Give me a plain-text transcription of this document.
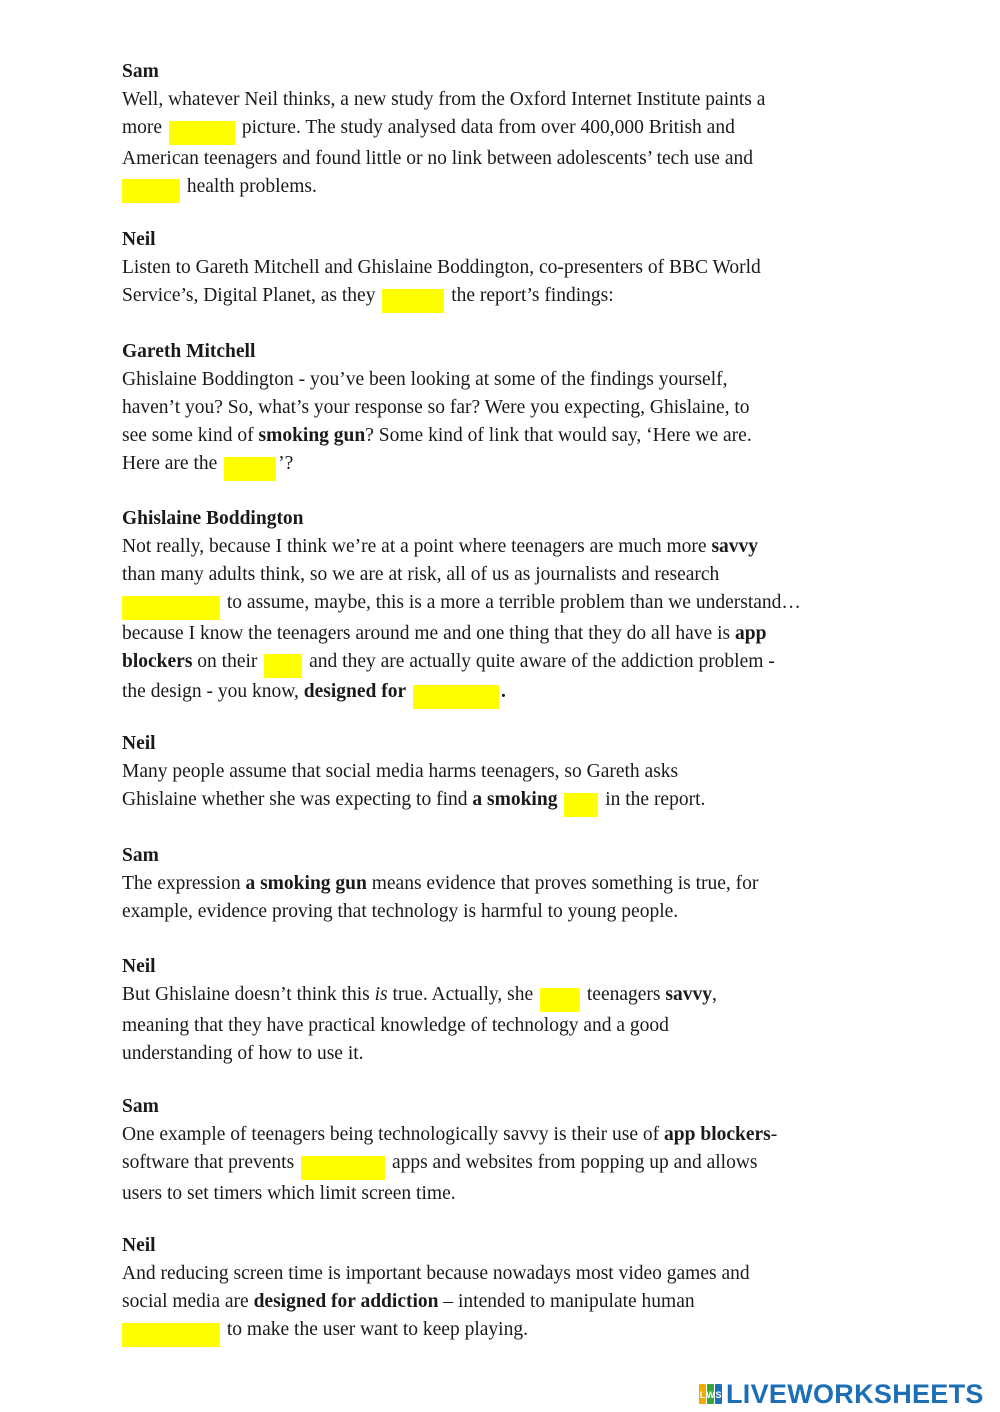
Sam
Well, whatever Neil thinks, a new study from the Oxford Internet Institute paints a
more	picture. The study analysed data from over 400,000 British and
American teenagers and found little or no link between adolescents’ tech use and
health problems.
Neil
Listen to Gareth Mitchell and Ghislaine Boddington, co-presenters of BBC World
Service’s, Digital Planet, as they	the report’s findings:
Gareth Mitchell
Ghislaine Boddington - you’ve been looking at some of the findings yourself,
haven’t you? So, what’s your response so far? Were you expecting, Ghislaine, to
see some kind of smoking gun? Some kind of link that would say, ‘Here we are.
Here are the	’?
Ghislaine Boddington
Not really, because I think we’re at a point where teenagers are much more savvy
than many adults think, so we are at risk, all of us as journalists and research
to assume, maybe, this is a more a terrible problem than we understand…
because I know the teenagers around me and one thing that they do all have is app
blockers on their	and they are actually quite aware of the addiction problem -
the design - you know, designed for	.
Neil
Many people assume that social media harms teenagers, so Gareth asks
Ghislaine whether she was expecting to find a smoking in the report.
Sam
The expression a smoking gun means evidence that proves something is true, for
example, evidence proving that technology is harmful to young people.
Neil
But Ghislaine doesn’t think this is true. Actually, she	teenagers savvy,
meaning that they have practical knowledge of technology and a good
understanding of how to use it.
Sam
One example of teenagers being technologically savvy is their use of app blockers-
software that prevents	apps and websites from popping up and allows
users to set timers which limit screen time.
Neil
And reducing screen time is important because nowadays most video games and
social media are designed for addiction – intended to manipulate human
to make the user want to keep playing.
L W S LIVEWORKSHEETS
